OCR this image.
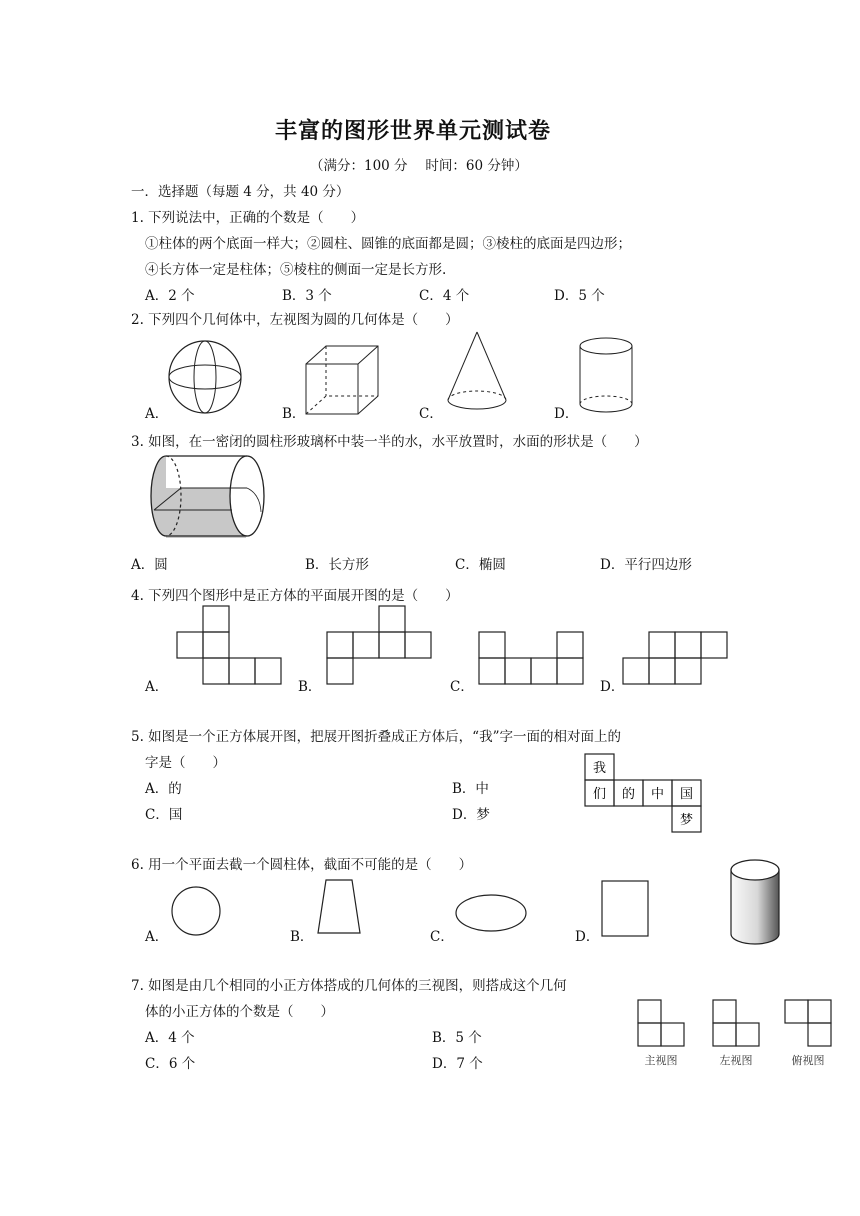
丰富的图形世界单元测试卷
（满分：100 分　 时间：60 分钟）
一．选择题（每题 4 分，共 40 分）
1. 下列说法中，正确的个数是（　　）
①柱体的两个底面一样大；②圆柱、圆锥的底面都是圆；③棱柱的底面是四边形；
④长方体一定是柱体；⑤棱柱的侧面一定是长方形.
A．2 个	B．3 个	C．4 个	D．5 个
2. 下列四个几何体中，左视图为圆的几何体是（　　）
A．	B．	C．	D．
3. 如图，在一密闭的圆柱形玻璃杯中装一半的水，水平放置时，水面的形状是（　　）
A．圆	B．长方形	C．椭圆	D．平行四边形
4. 下列四个图形中是正方体的平面展开图的是（　　）
A．	B．	C．	D．
5. 如图是一个正方体展开图，把展开图折叠成正方体后，“我”字一面的相对面上的
字是（　　）
A．的	B．中
C．国	D．梦
我
们 的 中 国
梦
6. 用一个平面去截一个圆柱体，截面不可能的是（　　）
A．	B．	C．	D．
7. 如图是由几个相同的小正方体搭成的几何体的三视图，则搭成这个几何
体的小正方体的个数是（　　）
A．4 个	B．5 个
C．6 个	D．7 个	主视图	左视图	俯视图
